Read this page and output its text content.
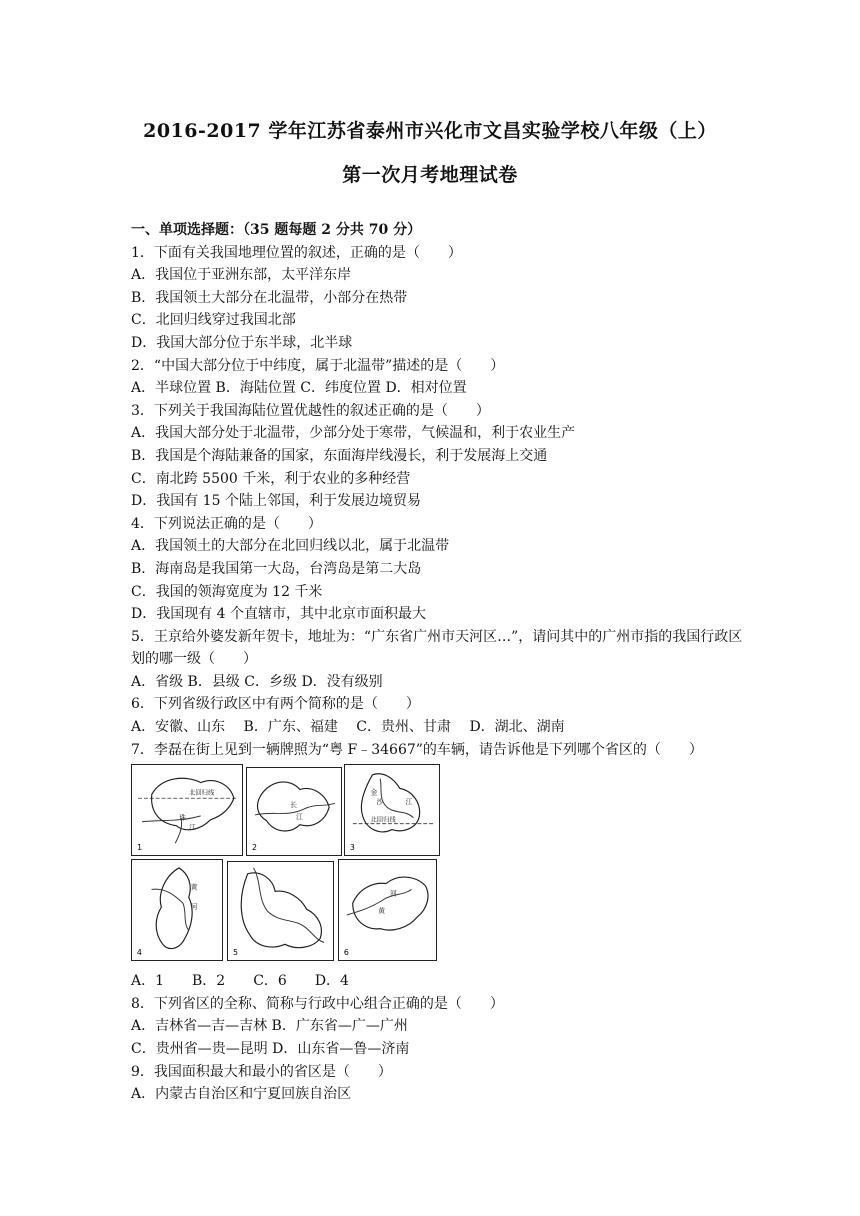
2016-2017 学年江苏省泰州市兴化市文昌实验学校八年级（上）
第一次月考地理试卷
一、单项选择题：（35 题每题 2 分共 70 分）
1．下面有关我国地理位置的叙述，正确的是（　　）
A．我国位于亚洲东部，太平洋东岸
B．我国领土大部分在北温带，小部分在热带
C．北回归线穿过我国北部
D．我国大部分位于东半球，北半球
2．“中国大部分位于中纬度，属于北温带”描述的是（　　）
A．半球位置 B．海陆位置 C．纬度位置 D．相对位置
3．下列关于我国海陆位置优越性的叙述正确的是（　　）
A．我国大部分处于北温带，少部分处于寒带，气候温和，利于农业生产
B．我国是个海陆兼备的国家，东面海岸线漫长，利于发展海上交通
C．南北跨 5500 千米，利于农业的多种经营
D．我国有 15 个陆上邻国，利于发展边境贸易
4．下列说法正确的是（　　）
A．我国领土的大部分在北回归线以北，属于北温带
B．海南岛是我国第一大岛，台湾岛是第二大岛
C．我国的领海宽度为 12 千米
D．我国现有 4 个直辖市，其中北京市面积最大
5．王京给外婆发新年贺卡，地址为：“广东省广州市天河区…”，请问其中的广州市指的我国行政区划的哪一级（　　）
A．省级 B．县级 C．乡级 D．没有级别
6．下列省级行政区中有两个简称的是（　　）
A．安徽、山东　 B．广东、福建　 C．贵州、甘肃　 D．湖北、湖南
7．李磊在街上见到一辆牌照为“粤 F﹣34667”的车辆，请告诉他是下列哪个省区的（　　）
北回归线
珠
江
1
长
江
2
金
沙	江
北回归线
3
黄
河
4	5
河
黄
6
A．1　　B．2　　C．6　　D．4
8．下列省区的全称、简称与行政中心组合正确的是（　　）
A．吉林省—吉—吉林 B．广东省—广—广州
C．贵州省—贵—昆明 D．山东省—鲁—济南
9．我国面积最大和最小的省区是（　　）
A．内蒙古自治区和宁夏回族自治区
